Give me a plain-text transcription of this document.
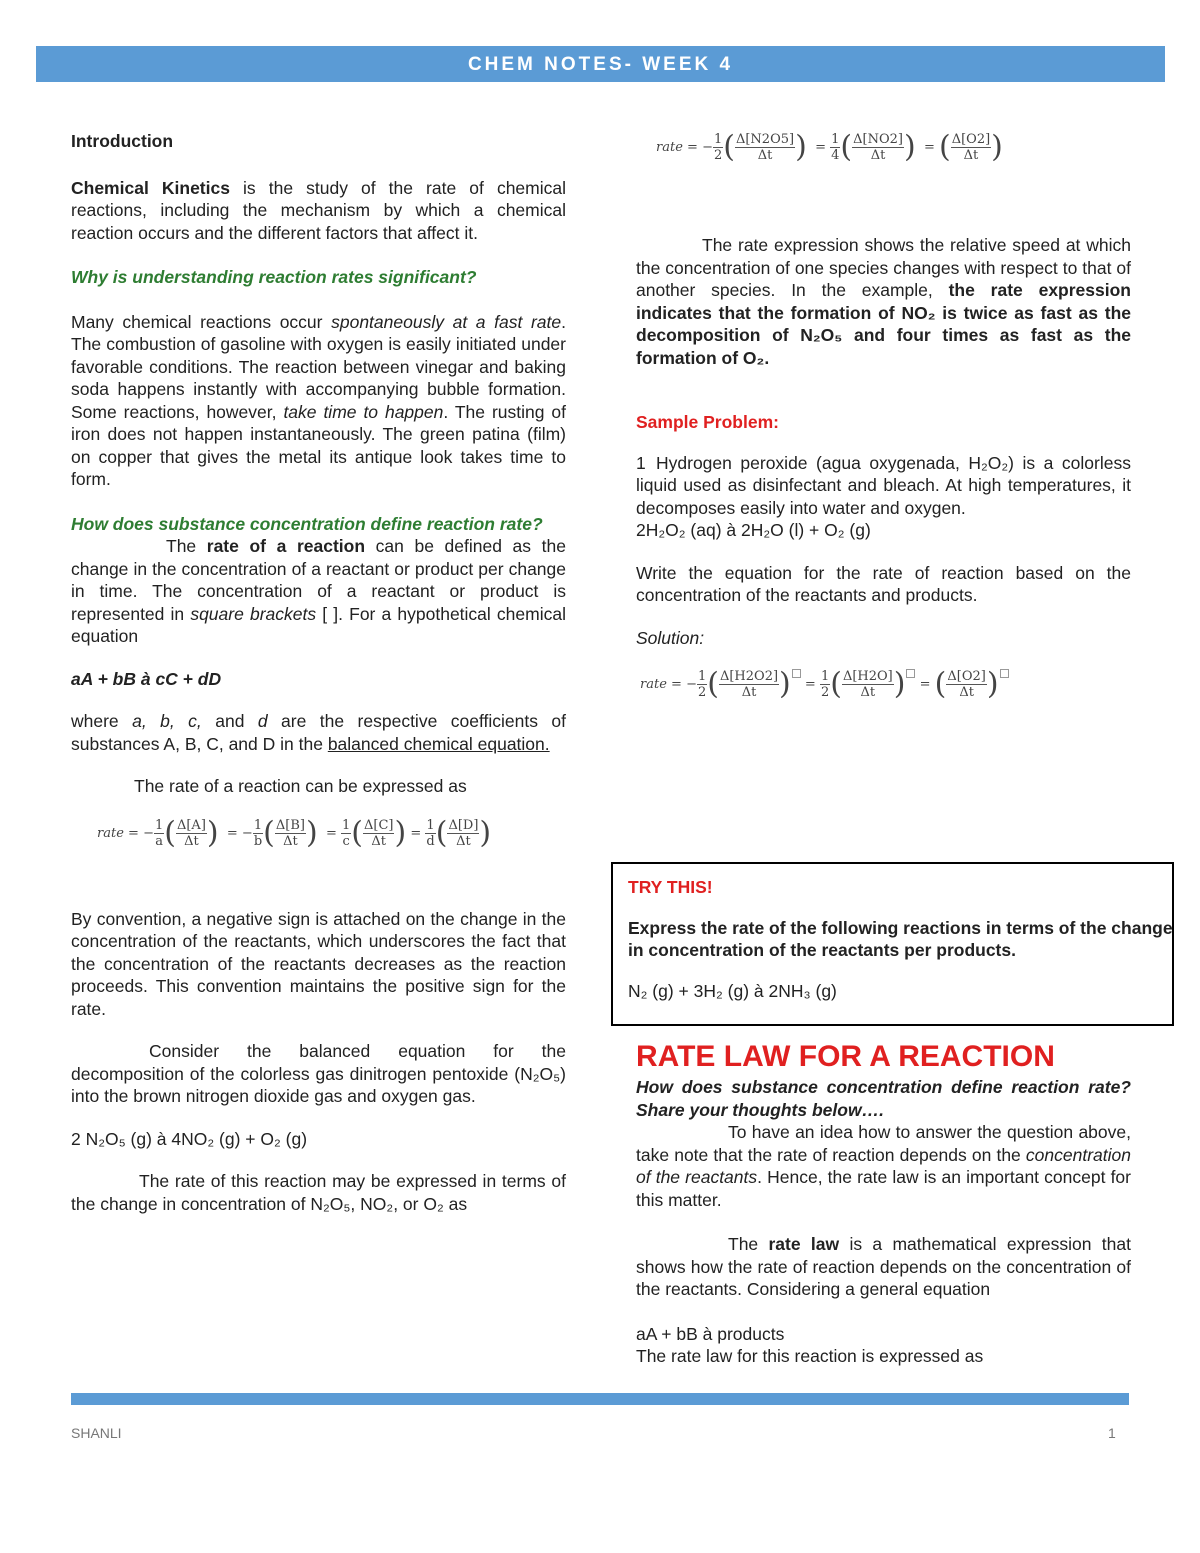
CHEM NOTES- WEEK 4

Introduction

Chemical Kinetics is the study of the rate of chemical reactions, including the mechanism by which a chemical reaction occurs and the different factors that affect it.

Why is understanding reaction rates significant?

Many chemical reactions occur spontaneously at a fast rate. The combustion of gasoline with oxygen is easily initiated under favorable conditions. The reaction between vinegar and baking soda happens instantly with accompanying bubble formation. Some reactions, however, take time to happen. The rusting of iron does not happen instantaneously. The green patina (film) on copper that gives the metal its antique look takes time to form.

How does substance concentration define reaction rate?

The rate of a reaction can be defined as the change in the concentration of a reactant or product per change in time. The concentration of a reactant or product is represented in square brackets [ ]. For a hypothetical chemical equation

aA + bB à cC + dD

where a, b, c, and d are the respective coefficients of substances A, B, C, and D in the balanced chemical equation.

The rate of a reaction can be expressed as

rate = − $\frac{1}{a}$ ( $\frac{\Delta[A]}{\Delta t}$ ) = − $\frac{1}{b}$ ( $\frac{\Delta[B]}{\Delta t}$ ) = $\frac{1}{c}$ ( $\frac{\Delta[C]}{\Delta t}$ ) = $\frac{1}{d}$ ( $\frac{\Delta[D]}{\Delta t}$ )

By convention, a negative sign is attached on the change in the concentration of the reactants, which underscores the fact that the concentration of the reactants decreases as the reaction proceeds. This convention maintains the positive sign for the rate.

Consider the balanced equation for the decomposition of the colorless gas dinitrogen pentoxide (N₂O₅) into the brown nitrogen dioxide gas and oxygen gas.

2 N₂O₅ (g) à 4NO₂ (g) + O₂ (g)

The rate of this reaction may be expressed in terms of the change in concentration of N₂O₅, NO₂, or O₂ as

rate = − $\frac{1}{2}$ ( $\frac{\Delta[N2O5]}{\Delta t}$ ) = $\frac{1}{4}$ ( $\frac{\Delta[NO2]}{\Delta t}$ ) = ( $\frac{\Delta[O2]}{\Delta t}$ )

The rate expression shows the relative speed at which the concentration of one species changes with respect to that of another species. In the example, the rate expression indicates that the formation of NO₂ is twice as fast as the decomposition of N₂O₅ and four times as fast as the formation of O₂.

Sample Problem:

1 Hydrogen peroxide (agua oxygenada, H₂O₂) is a colorless liquid used as disinfectant and bleach. At high temperatures, it decomposes easily into water and oxygen.

2H₂O₂ (aq) à 2H₂O (l) + O₂ (g)

Write the equation for the rate of reaction based on the concentration of the reactants and products.

Solution:

rate = − $\frac{1}{2}$ ( $\frac{\Delta[H2O2]}{\Delta t}$ ) = $\frac{1}{2}$ ( $\frac{\Delta[H2O]}{\Delta t}$ ) = ( $\frac{\Delta[O2]}{\Delta t}$ )

TRY THIS!

Express the rate of the following reactions in terms of the change in concentration of the reactants per products.

N₂ (g) + 3H₂ (g) à 2NH₃ (g)

RATE LAW FOR A REACTION

How does substance concentration define reaction rate? Share your thoughts below….

To have an idea how to answer the question above, take note that the rate of reaction depends on the concentration of the reactants. Hence, the rate law is an important concept for this matter.

The rate law is a mathematical expression that shows how the rate of reaction depends on the concentration of the reactants. Considering a general equation

aA + bB à products

The rate law for this reaction is expressed as

SHANLI	1
